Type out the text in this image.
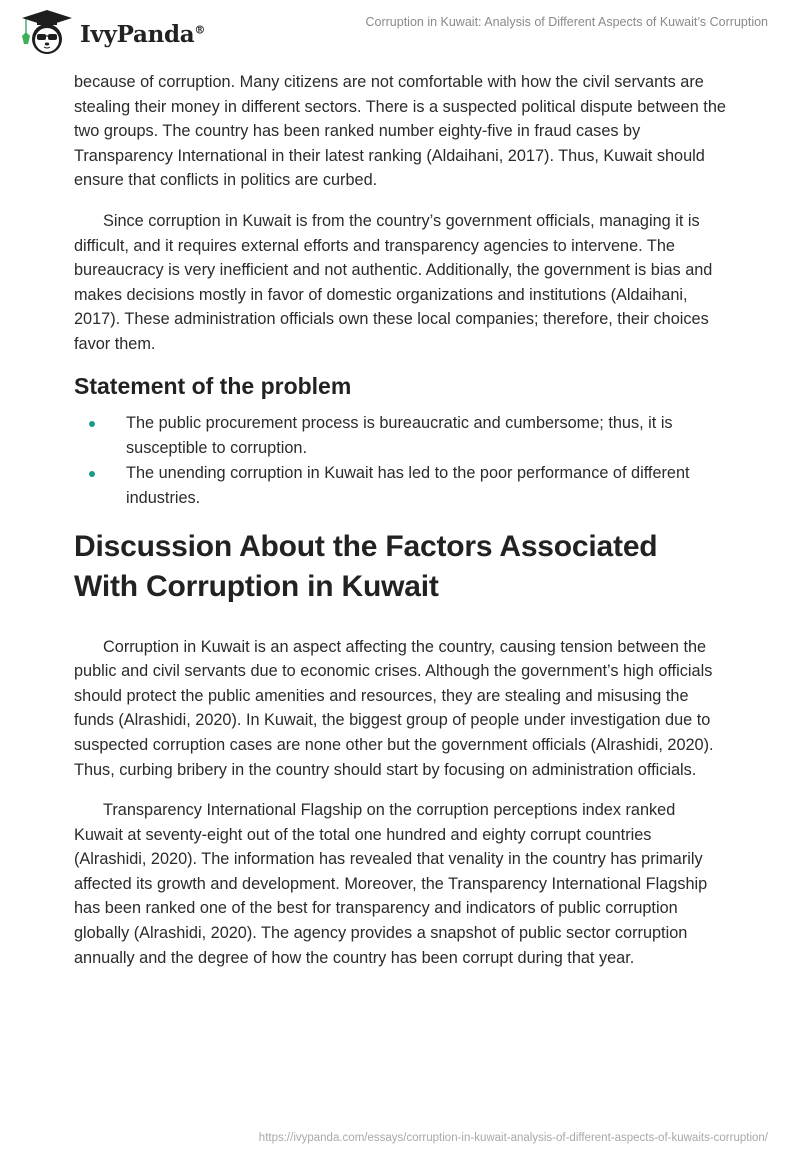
IvyPanda®
Corruption in Kuwait: Analysis of Different Aspects of Kuwait’s Corruption

because of corruption. Many citizens are not comfortable with how the civil servants are stealing their money in different sectors. There is a suspected political dispute between the two groups. The country has been ranked number eighty-five in fraud cases by Transparency International in their latest ranking (Aldaihani, 2017). Thus, Kuwait should ensure that conflicts in politics are curbed.

Since corruption in Kuwait is from the country’s government officials, managing it is difficult, and it requires external efforts and transparency agencies to intervene. The bureaucracy is very inefficient and not authentic. Additionally, the government is bias and makes decisions mostly in favor of domestic organizations and institutions (Aldaihani, 2017). These administration officials own these local companies; therefore, their choices favor them.

Statement of the problem
The public procurement process is bureaucratic and cumbersome; thus, it is susceptible to corruption.
The unending corruption in Kuwait has led to the poor performance of different industries.
Discussion About the Factors Associated With Corruption in Kuwait

Corruption in Kuwait is an aspect affecting the country, causing tension between the public and civil servants due to economic crises. Although the government’s high officials should protect the public amenities and resources, they are stealing and misusing the funds (Alrashidi, 2020). In Kuwait, the biggest group of people under investigation due to suspected corruption cases are none other but the government officials (Alrashidi, 2020). Thus, curbing bribery in the country should start by focusing on administration officials.

Transparency International Flagship on the corruption perceptions index ranked Kuwait at seventy-eight out of the total one hundred and eighty corrupt countries (Alrashidi, 2020). The information has revealed that venality in the country has primarily affected its growth and development. Moreover, the Transparency International Flagship has been ranked one of the best for transparency and indicators of public corruption globally (Alrashidi, 2020). The agency provides a snapshot of public sector corruption annually and the degree of how the country has been corrupt during that year.

https://ivypanda.com/essays/corruption-in-kuwait-analysis-of-different-aspects-of-kuwaits-corruption/
